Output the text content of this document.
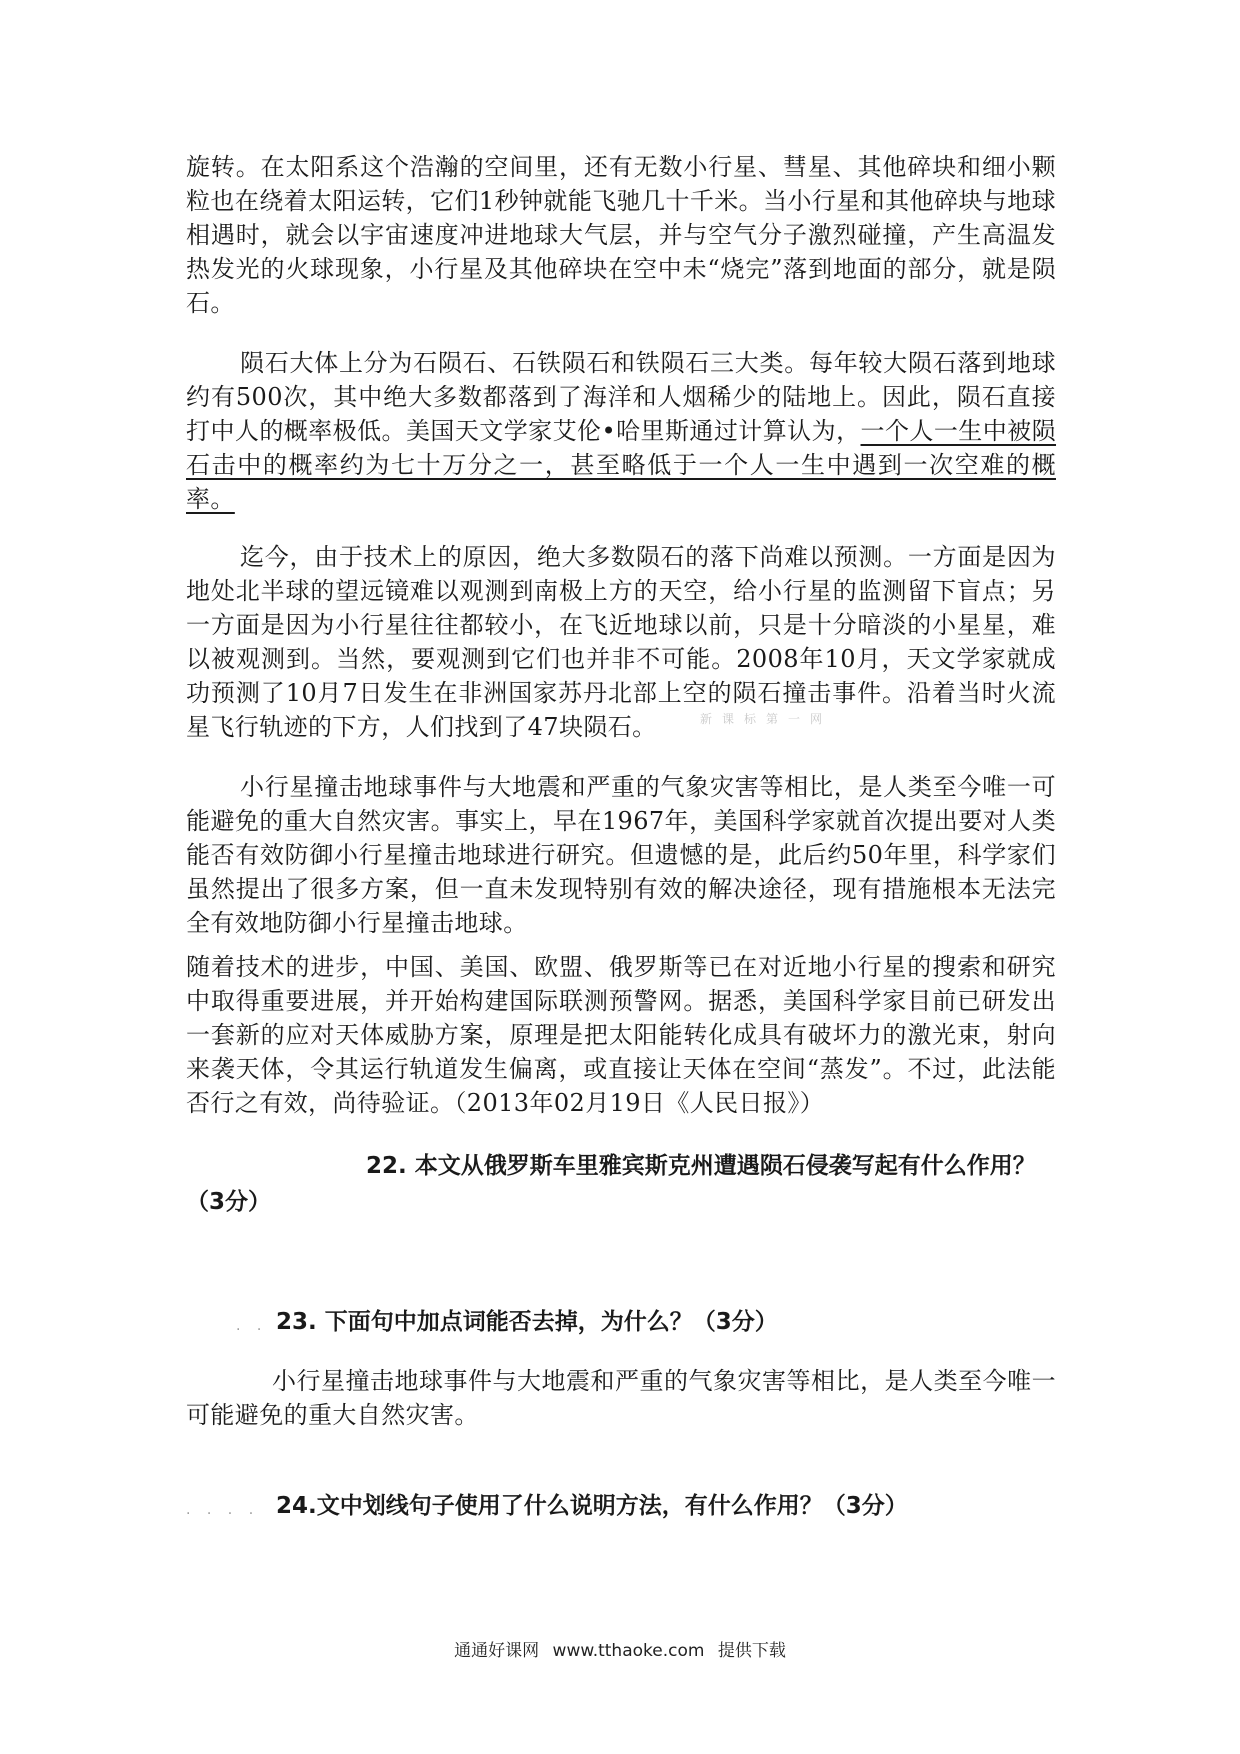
旋转。在太阳系这个浩瀚的空间里，还有无数小行星、彗星、其他碎块和细小颗粒也在绕着太阳运转，它们1秒钟就能飞驰几十千米。当小行星和其他碎块与地球相遇时，就会以宇宙速度冲进地球大气层，并与空气分子激烈碰撞，产生高温发热发光的火球现象，小行星及其他碎块在空中未“烧完”落到地面的部分，就是陨石。

陨石大体上分为石陨石、石铁陨石和铁陨石三大类。每年较大陨石落到地球约有500次，其中绝大多数都落到了海洋和人烟稀少的陆地上。因此，陨石直接打中人的概率极低。美国天文学家艾伦•哈里斯通过计算认为，一个人一生中被陨石击中的概率约为七十万分之一，甚至略低于一个人一生中遇到一次空难的概率。

迄今，由于技术上的原因，绝大多数陨石的落下尚难以预测。一方面是因为地处北半球的望远镜难以观测到南极上方的天空，给小行星的监测留下盲点；另一方面是因为小行星往往都较小，在飞近地球以前，只是十分暗淡的小星星，难以被观测到。当然，要观测到它们也并非不可能。2008年10月，天文学家就成功预测了10月7日发生在非洲国家苏丹北部上空的陨石撞击事件。沿着当时火流星飞行轨迹的下方，人们找到了47块陨石。	新课标第一网

小行星撞击地球事件与大地震和严重的气象灾害等相比，是人类至今唯一可能避免的重大自然灾害。事实上，早在1967年，美国科学家就首次提出要对人类能否有效防御小行星撞击地球进行研究。但遗憾的是，此后约50年里，科学家们虽然提出了很多方案，但一直未发现特别有效的解决途径，现有措施根本无法完全有效地防御小行星撞击地球。

随着技术的进步，中国、美国、欧盟、俄罗斯等已在对近地小行星的搜索和研究中取得重要进展，并开始构建国际联测预警网。据悉，美国科学家目前已研发出一套新的应对天体威胁方案，原理是把太阳能转化成具有破坏力的激光束，射向来袭天体，令其运行轨道发生偏离，或直接让天体在空间“蒸发”。不过，此法能否行之有效，尚待验证。（2013年02月19日《人民日报》）

22. 本文从俄罗斯车里雅宾斯克州遭遇陨石侵袭写起有什么作用？（3分）

. . 23. 下面句中加点词能否去掉，为什么？（3分）

小行星撞击地球事件与大地震和严重的气象灾害等相比，是人类至今唯一可能避免的重大自然灾害。

. . . . 24.文中划线句子使用了什么说明方法，有什么作用？（3分）

通通好课网 www.tthaoke.com 提供下载
